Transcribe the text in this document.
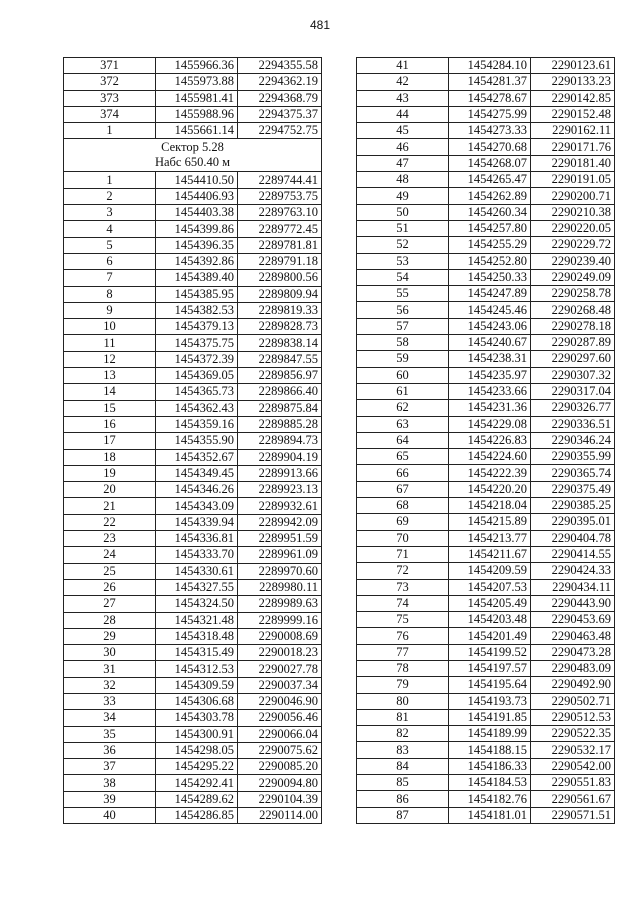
481
371	1455966.36	2294355.58
372	1455973.88	2294362.19
373	1455981.41	2294368.79
374	1455988.96	2294375.37
1	1455661.14	2294752.75

Сектор 5.28
Набс 650.40 м		

1	1454410.50	2289744.41
2	1454406.93	2289753.75
3	1454403.38	2289763.10
4	1454399.86	2289772.45
5	1454396.35	2289781.81
6	1454392.86	2289791.18
7	1454389.40	2289800.56
8	1454385.95	2289809.94
9	1454382.53	2289819.33
10	1454379.13	2289828.73
11	1454375.75	2289838.14
12	1454372.39	2289847.55
13	1454369.05	2289856.97
14	1454365.73	2289866.40
15	1454362.43	2289875.84
16	1454359.16	2289885.28
17	1454355.90	2289894.73
18	1454352.67	2289904.19
19	1454349.45	2289913.66
20	1454346.26	2289923.13
21	1454343.09	2289932.61
22	1454339.94	2289942.09
23	1454336.81	2289951.59
24	1454333.70	2289961.09
25	1454330.61	2289970.60
26	1454327.55	2289980.11
27	1454324.50	2289989.63
28	1454321.48	2289999.16
29	1454318.48	2290008.69
30	1454315.49	2290018.23
31	1454312.53	2290027.78
32	1454309.59	2290037.34
33	1454306.68	2290046.90
34	1454303.78	2290056.46
35	1454300.91	2290066.04
36	1454298.05	2290075.62
37	1454295.22	2290085.20
38	1454292.41	2290094.80
39	1454289.62	2290104.39
40	1454286.85	2290114.00
41	1454284.10	2290123.61
42	1454281.37	2290133.23
43	1454278.67	2290142.85
44	1454275.99	2290152.48
45	1454273.33	2290162.11
46	1454270.68	2290171.76
47	1454268.07	2290181.40
48	1454265.47	2290191.05
49	1454262.89	2290200.71
50	1454260.34	2290210.38
51	1454257.80	2290220.05
52	1454255.29	2290229.72
53	1454252.80	2290239.40
54	1454250.33	2290249.09
55	1454247.89	2290258.78
56	1454245.46	2290268.48
57	1454243.06	2290278.18
58	1454240.67	2290287.89
59	1454238.31	2290297.60
60	1454235.97	2290307.32
61	1454233.66	2290317.04
62	1454231.36	2290326.77
63	1454229.08	2290336.51
64	1454226.83	2290346.24
65	1454224.60	2290355.99
66	1454222.39	2290365.74
67	1454220.20	2290375.49
68	1454218.04	2290385.25
69	1454215.89	2290395.01
70	1454213.77	2290404.78
71	1454211.67	2290414.55
72	1454209.59	2290424.33
73	1454207.53	2290434.11
74	1454205.49	2290443.90
75	1454203.48	2290453.69
76	1454201.49	2290463.48
77	1454199.52	2290473.28
78	1454197.57	2290483.09
79	1454195.64	2290492.90
80	1454193.73	2290502.71
81	1454191.85	2290512.53
82	1454189.99	2290522.35
83	1454188.15	2290532.17
84	1454186.33	2290542.00
85	1454184.53	2290551.83
86	1454182.76	2290561.67
87	1454181.01	2290571.51
